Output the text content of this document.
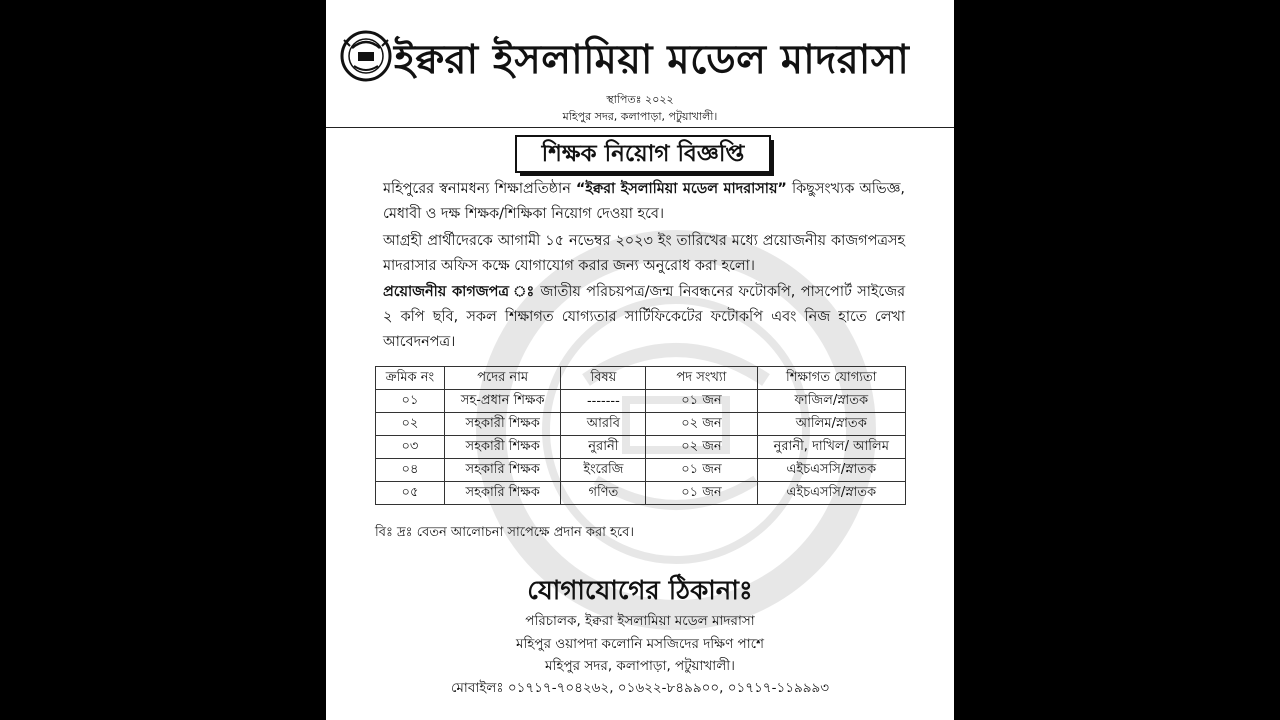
ইক্বরা ইসলামিয়া মডেল মাদরাসা
স্থাপিতঃ ২০২২
মহিপুর সদর, কলাপাড়া, পটুয়াখালী।
শিক্ষক নিয়োগ বিজ্ঞপ্তি
মহিপুরের স্বনামধন্য শিক্ষাপ্রতিষ্ঠান “ইক্বরা ইসলামিয়া মডেল মাদরাসায়” কিছুসংখ্যক অভিজ্ঞ, মেধাবী ও দক্ষ শিক্ষক/শিক্ষিকা নিয়োগ দেওয়া হবে।
আগ্রহী প্রার্থীদেরকে আগামী ১৫ নভেম্বর ২০২৩ ইং তারিখের মধ্যে প্রয়োজনীয় কাজগপত্রসহ মাদরাসার অফিস কক্ষে যোগাযোগ করার জন্য অনুরোধ করা হলো।
প্রয়োজনীয় কাগজপত্র ঃ জাতীয় পরিচয়পত্র/জন্ম নিবন্ধনের ফটোকপি, পাসপোর্ট সাইজের ২ কপি ছবি, সকল শিক্ষাগত যোগ্যতার সার্টিফিকেটের ফটোকপি এবং নিজ হাতে লেখা আবেদনপত্র।
ক্রমিক নং	পদের নাম	বিষয়	পদ সংখ্যা	শিক্ষাগত যোগ্যতা
০১	সহ-প্রধান শিক্ষক	-------	০১ জন	ফাজিল/স্নাতক
০২	সহকারী শিক্ষক	আরবি	০২ জন	আলিম/স্নাতক
০৩	সহকারী শিক্ষক	নুরানী	০২ জন	নুরানী, দাখিল/ আলিম
০৪	সহকারি শিক্ষক	ইংরেজি	০১ জন	এইচএসসি/স্নাতক
০৫	সহকারি শিক্ষক	গণিত	০১ জন	এইচএসসি/স্নাতক
বিঃ দ্রঃ বেতন আলোচনা সাপেক্ষে প্রদান করা হবে।
যোগাযোগের ঠিকানাঃ
পরিচালক, ইক্বরা ইসলামিয়া মডেল মাদরাসা
মহিপুর ওয়াপদা কলোনি মসজিদের দক্ষিণ পাশে
মহিপুর সদর, কলাপাড়া, পটুয়াখালী।
মোবাইলঃ ০১৭১৭-৭০৪২৬২, ০১৬২২-৮৪৯৯০০, ০১৭১৭-১১৯৯৯৩
